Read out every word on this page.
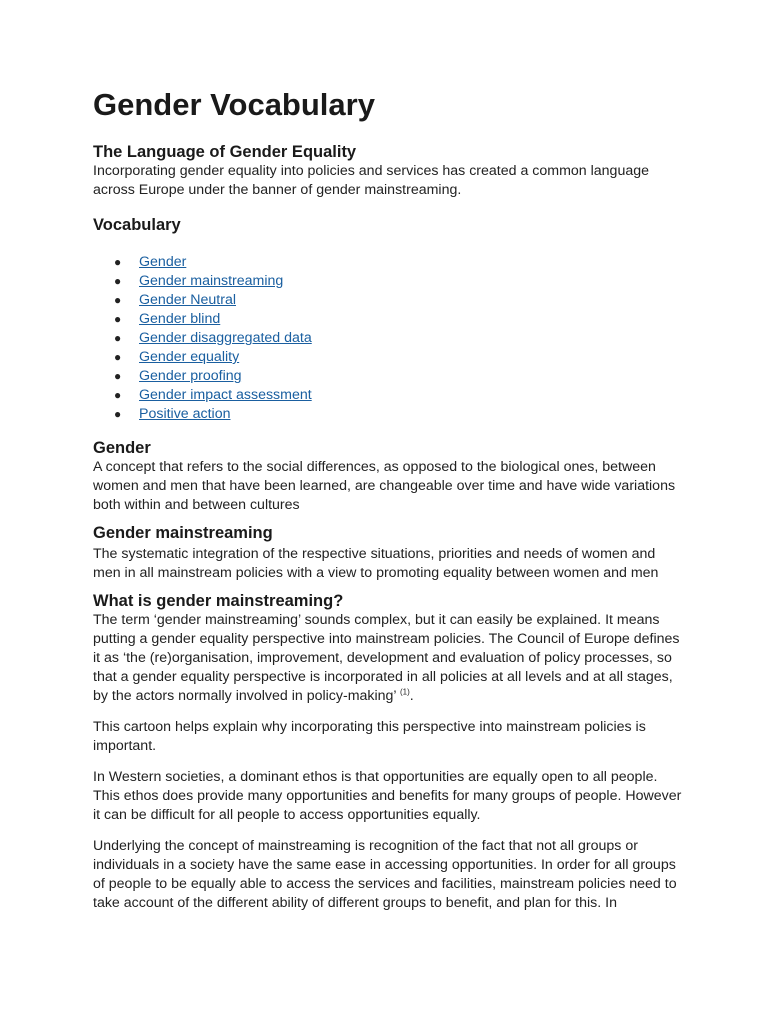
Gender Vocabulary
The Language of Gender Equality

Incorporating gender equality into policies and services has created a common language across Europe under the banner of gender mainstreaming.

Vocabulary
● Gender
● Gender mainstreaming
● Gender Neutral
● Gender blind
● Gender disaggregated data
● Gender equality
● Gender proofing
● Gender impact assessment
● Positive action
Gender

A concept that refers to the social differences, as opposed to the biological ones, between women and men that have been learned, are changeable over time and have wide variations both within and between cultures

Gender mainstreaming

The systematic integration of the respective situations, priorities and needs of women and men in all mainstream policies with a view to promoting equality between women and men

What is gender mainstreaming?

The term ‘gender mainstreaming’ sounds complex, but it can easily be explained. It means putting a gender equality perspective into mainstream policies. The Council of Europe defines it as ‘the (re)organisation, improvement, development and evaluation of policy processes, so that a gender equality perspective is incorporated in all policies at all levels and at all stages, by the actors normally involved in policy-making’ $^{(1)}$.

This cartoon helps explain why incorporating this perspective into mainstream policies is important.

In Western societies, a dominant ethos is that opportunities are equally open to all people. This ethos does provide many opportunities and benefits for many groups of people. However it can be difficult for all people to access opportunities equally.

Underlying the concept of mainstreaming is recognition of the fact that not all groups or individuals in a society have the same ease in accessing opportunities. In order for all groups of people to be equally able to access the services and facilities, mainstream policies need to take account of the different ability of different groups to benefit, and plan for this. In
